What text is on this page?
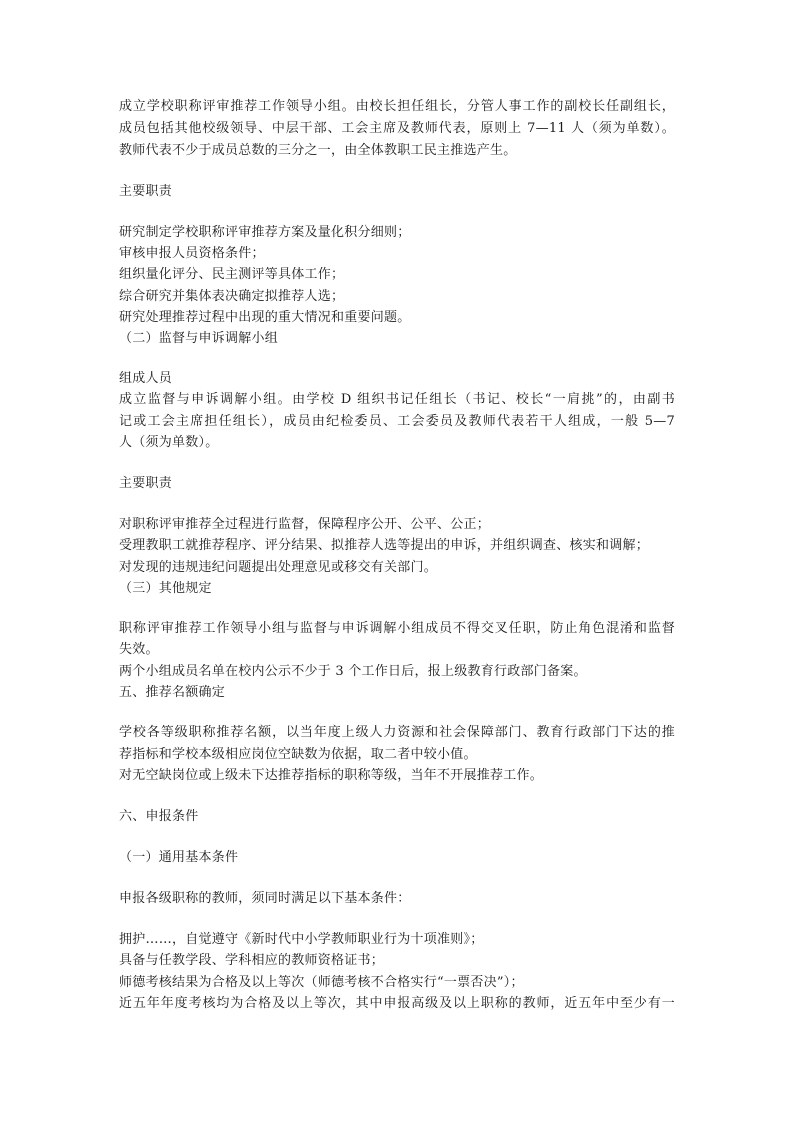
成立学校职称评审推荐工作领导小组。由校长担任组长，分管人事工作的副校长任副组长，

成员包括其他校级领导、中层干部、工会主席及教师代表，原则上 7—11 人（须为单数）。

教师代表不少于成员总数的三分之一，由全体教职工民主推选产生。

主要职责

研究制定学校职称评审推荐方案及量化积分细则；

审核申报人员资格条件；

组织量化评分、民主测评等具体工作；

综合研究并集体表决确定拟推荐人选；

研究处理推荐过程中出现的重大情况和重要问题。

（二）监督与申诉调解小组

组成人员

成立监督与申诉调解小组。由学校 D 组织书记任组长（书记、校长“一肩挑”的，由副书

记或工会主席担任组长），成员由纪检委员、工会委员及教师代表若干人组成，一般 5—7

人（须为单数）。

主要职责

对职称评审推荐全过程进行监督，保障程序公开、公平、公正；

受理教职工就推荐程序、评分结果、拟推荐人选等提出的申诉，并组织调查、核实和调解；

对发现的违规违纪问题提出处理意见或移交有关部门。

（三）其他规定

职称评审推荐工作领导小组与监督与申诉调解小组成员不得交叉任职，防止角色混淆和监督

失效。

两个小组成员名单在校内公示不少于 3 个工作日后，报上级教育行政部门备案。

五、推荐名额确定

学校各等级职称推荐名额，以当年度上级人力资源和社会保障部门、教育行政部门下达的推

荐指标和学校本级相应岗位空缺数为依据，取二者中较小值。

对无空缺岗位或上级未下达推荐指标的职称等级，当年不开展推荐工作。

六、申报条件

（一）通用基本条件

申报各级职称的教师，须同时满足以下基本条件：

拥护……，自觉遵守《新时代中小学教师职业行为十项准则》；

具备与任教学段、学科相应的教师资格证书；

师德考核结果为合格及以上等次（师德考核不合格实行“一票否决”）；

近五年年度考核均为合格及以上等次，其中申报高级及以上职称的教师，近五年中至少有一
